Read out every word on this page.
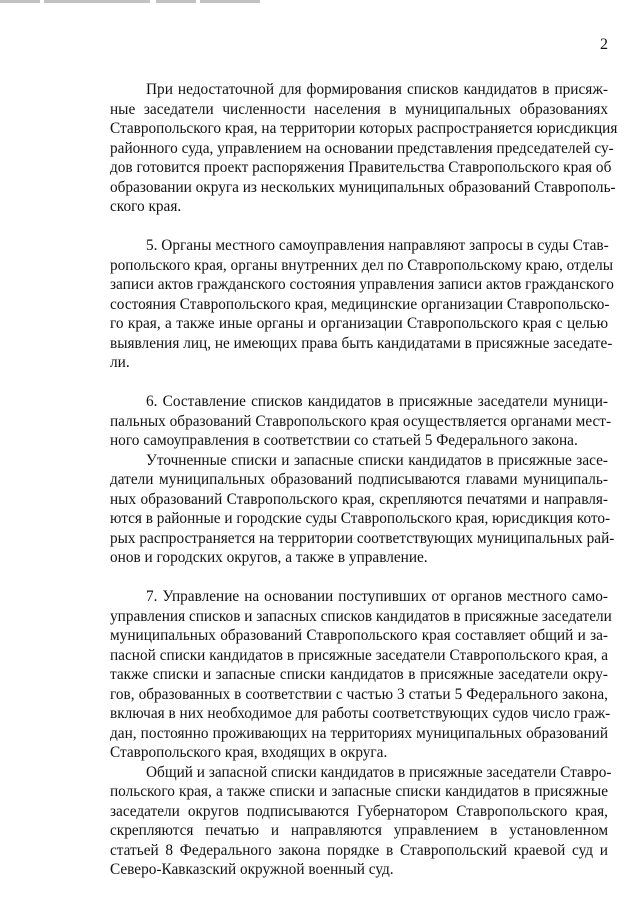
2
При недостаточной для формирования списков кандидатов в присяж-
ные заседатели численности населения в муниципальных образованиях
Ставропольского края, на территории которых распространяется юрисдикция
районного суда, управлением на основании представления председателей су-
дов готовится проект распоряжения Правительства Ставропольского края об
образовании округа из нескольких муниципальных образований Ставрополь-
ского края.
5. Органы местного самоуправления направляют запросы в суды Став-
ропольского края, органы внутренних дел по Ставропольскому краю, отделы
записи актов гражданского состояния управления записи актов гражданского
состояния Ставропольского края, медицинские организации Ставропольско-
го края, а также иные органы и организации Ставропольского края с целью
выявления лиц, не имеющих права быть кандидатами в присяжные заседате-
ли.
6. Составление списков кандидатов в присяжные заседатели муници-
пальных образований Ставропольского края осуществляется органами мест-
ного самоуправления в соответствии со статьей 5 Федерального закона.
Уточненные списки и запасные списки кандидатов в присяжные засе-
датели муниципальных образований подписываются главами муниципаль-
ных образований Ставропольского края, скрепляются печатями и направля-
ются в районные и городские суды Ставропольского края, юрисдикция кото-
рых распространяется на территории соответствующих муниципальных рай-
онов и городских округов, а также в управление.
7. Управление на основании поступивших от органов местного само-
управления списков и запасных списков кандидатов в присяжные заседатели
муниципальных образований Ставропольского края составляет общий и за-
пасной списки кандидатов в присяжные заседатели Ставропольского края, а
также списки и запасные списки кандидатов в присяжные заседатели окру-
гов, образованных в соответствии с частью 3 статьи 5 Федерального закона,
включая в них необходимое для работы соответствующих судов число граж-
дан, постоянно проживающих на территориях муниципальных образований
Ставропольского края, входящих в округа.
Общий и запасной списки кандидатов в присяжные заседатели Ставро-
польского края, а также списки и запасные списки кандидатов в присяжные
заседатели округов подписываются Губернатором Ставропольского края,
скрепляются печатью и направляются управлением в установленном
статьей 8 Федерального закона порядке в Ставропольский краевой суд и
Северо-Кавказский окружной военный суд.
